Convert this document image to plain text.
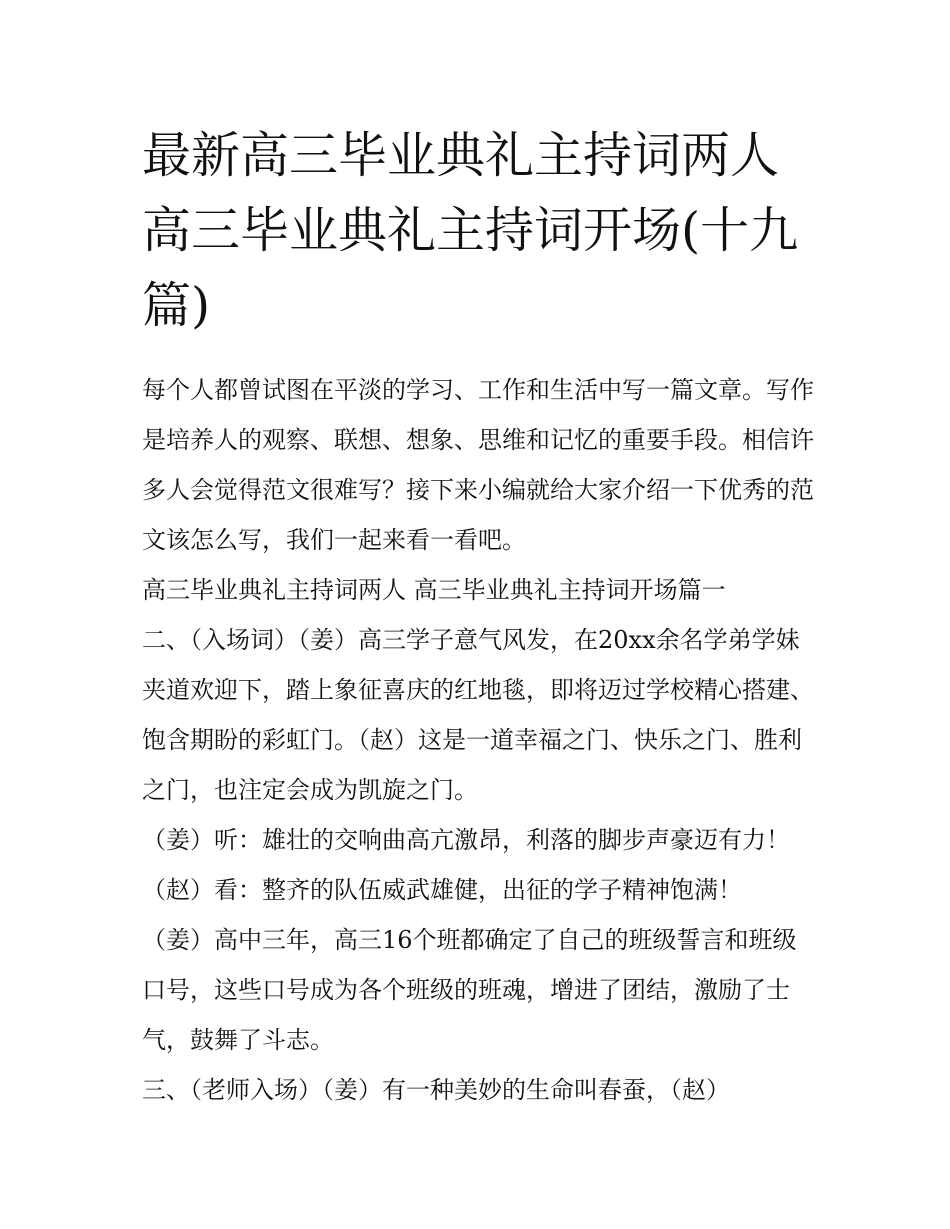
最新高三毕业典礼主持词两人高三毕业典礼主持词开场(十九篇)

每个人都曾试图在平淡的学习、工作和生活中写一篇文章。写作是培养人的观察、联想、想象、思维和记忆的重要手段。相信许多人会觉得范文很难写？接下来小编就给大家介绍一下优秀的范文该怎么写，我们一起来看一看吧。

高三毕业典礼主持词两人 高三毕业典礼主持词开场篇一

二、（入场词）（姜）高三学子意气风发，在20xx余名学弟学妹夹道欢迎下，踏上象征喜庆的红地毯，即将迈过学校精心搭建、饱含期盼的彩虹门。（赵）这是一道幸福之门、快乐之门、胜利之门，也注定会成为凯旋之门。

（姜）听：雄壮的交响曲高亢激昂，利落的脚步声豪迈有力！

（赵）看：整齐的队伍威武雄健，出征的学子精神饱满！

（姜）高中三年，高三16个班都确定了自己的班级誓言和班级口号，这些口号成为各个班级的班魂，增进了团结，激励了士气，鼓舞了斗志。

三、（老师入场）（姜）有一种美妙的生命叫春蚕，（赵）
